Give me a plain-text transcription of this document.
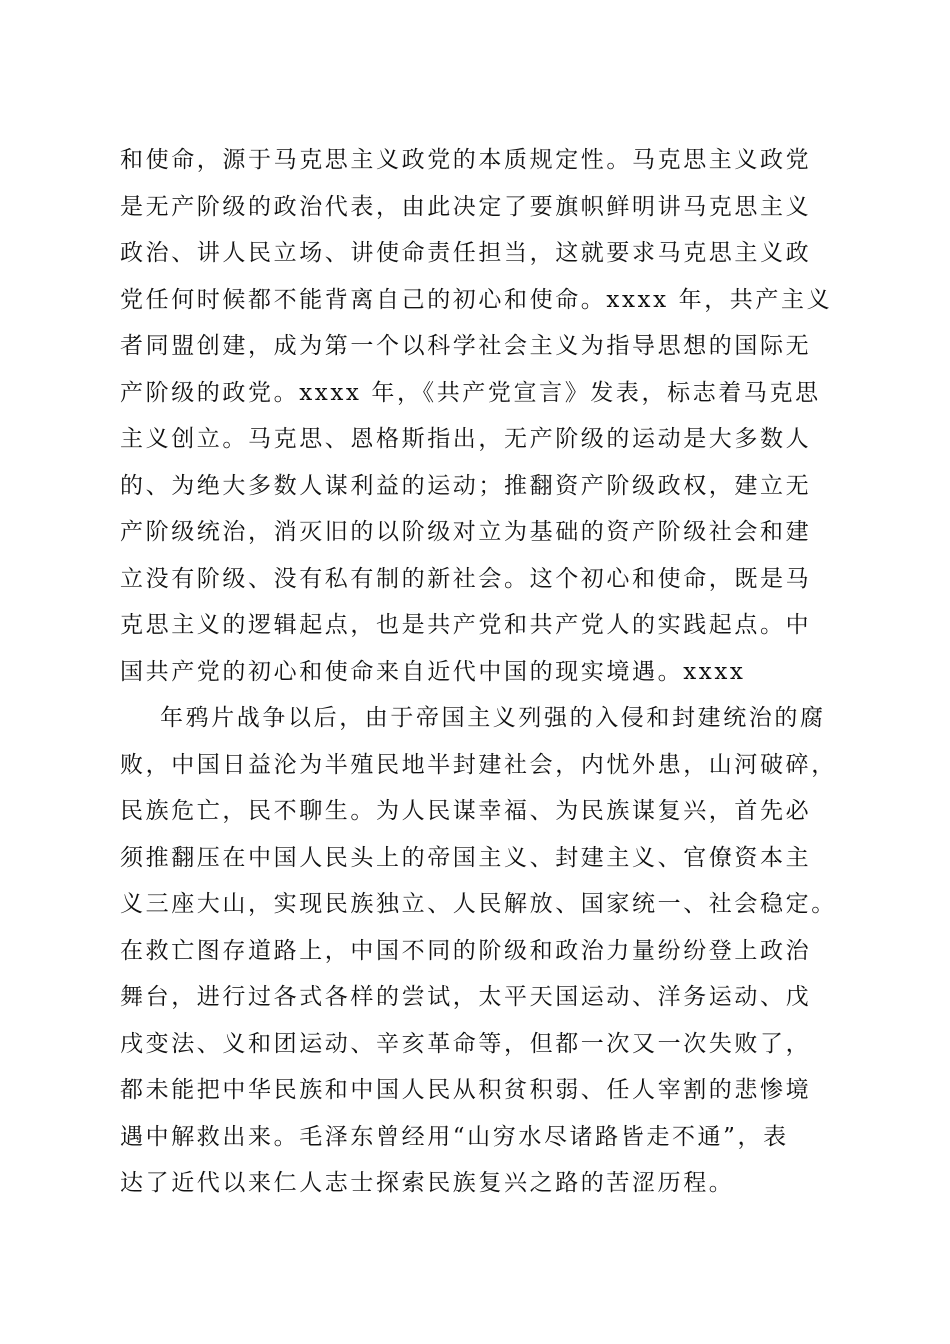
和使命，源于马克思主义政党的本质规定性。马克思主义政党
是无产阶级的政治代表，由此决定了要旗帜鲜明讲马克思主义
政治、讲人民立场、讲使命责任担当，这就要求马克思主义政
党任何时候都不能背离自己的初心和使命。xxxx 年，共产主义
者同盟创建，成为第一个以科学社会主义为指导思想的国际无
产阶级的政党。xxxx 年，《共产党宣言》发表，标志着马克思
主义创立。马克思、恩格斯指出，无产阶级的运动是大多数人
的、为绝大多数人谋利益的运动；推翻资产阶级政权，建立无
产阶级统治，消灭旧的以阶级对立为基础的资产阶级社会和建
立没有阶级、没有私有制的新社会。这个初心和使命，既是马
克思主义的逻辑起点，也是共产党和共产党人的实践起点。中
国共产党的初心和使命来自近代中国的现实境遇。xxxx
年鸦片战争以后，由于帝国主义列强的入侵和封建统治的腐
败，中国日益沦为半殖民地半封建社会，内忧外患，山河破碎，
民族危亡，民不聊生。为人民谋幸福、为民族谋复兴，首先必
须推翻压在中国人民头上的帝国主义、封建主义、官僚资本主
义三座大山，实现民族独立、人民解放、国家统一、社会稳定。
在救亡图存道路上，中国不同的阶级和政治力量纷纷登上政治
舞台，进行过各式各样的尝试，太平天国运动、洋务运动、戊
戌变法、义和团运动、辛亥革命等，但都一次又一次失败了，
都未能把中华民族和中国人民从积贫积弱、任人宰割的悲惨境
遇中解救出来。毛泽东曾经用“山穷水尽诸路皆走不通”，表
达了近代以来仁人志士探索民族复兴之路的苦涩历程。
